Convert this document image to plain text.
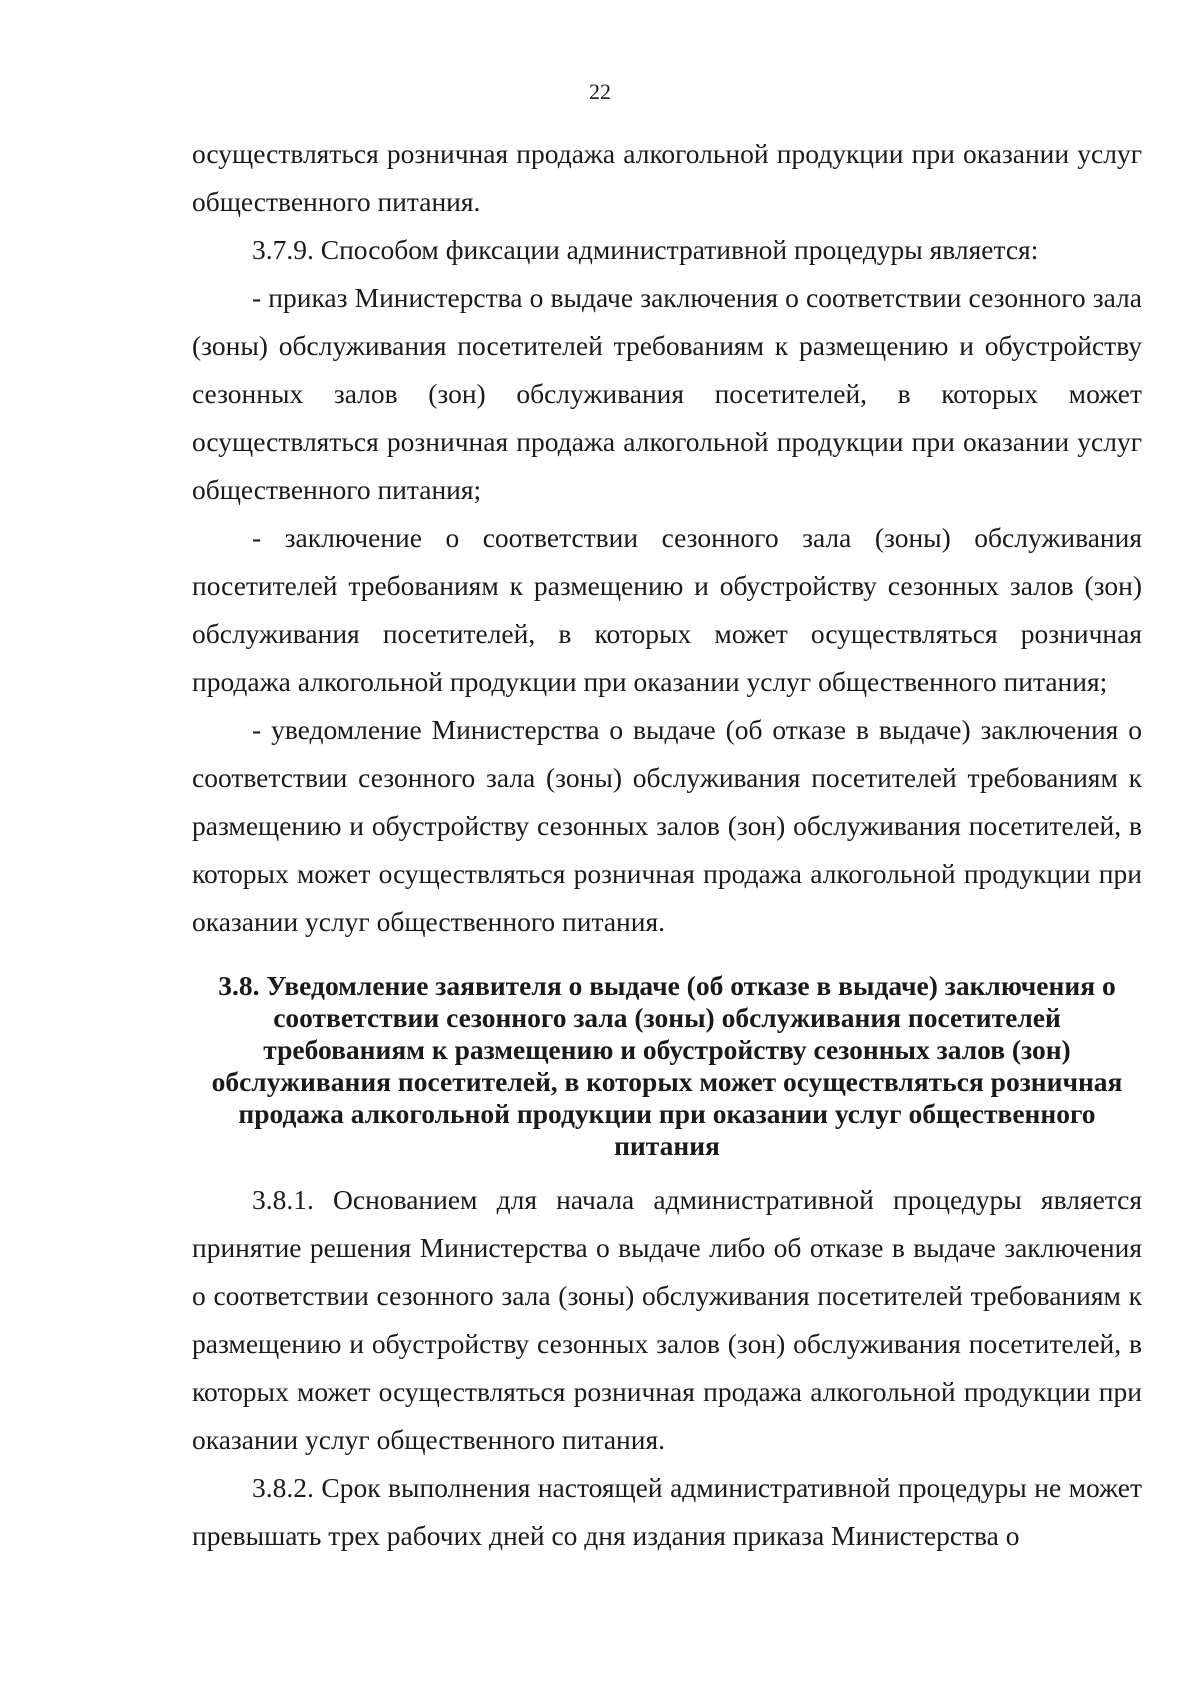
22

осуществляться розничная продажа алкогольной продукции при оказании услуг общественного питания.

3.7.9. Способом фиксации административной процедуры является:

- приказ Министерства о выдаче заключения о соответствии сезонного зала (зоны) обслуживания посетителей требованиям к размещению и обустройству сезонных залов (зон) обслуживания посетителей, в которых может осуществляться розничная продажа алкогольной продукции при оказании услуг общественного питания;

- заключение о соответствии сезонного зала (зоны) обслуживания посетителей требованиям к размещению и обустройству сезонных залов (зон) обслуживания посетителей, в которых может осуществляться розничная продажа алкогольной продукции при оказании услуг общественного питания;

- уведомление Министерства о выдаче (об отказе в выдаче) заключения о соответствии сезонного зала (зоны) обслуживания посетителей требованиям к размещению и обустройству сезонных залов (зон) обслуживания посетителей, в которых может осуществляться розничная продажа алкогольной продукции при оказании услуг общественного питания.

3.8. Уведомление заявителя о выдаче (об отказе в выдаче) заключения о соответствии сезонного зала (зоны) обслуживания посетителей требованиям к размещению и обустройству сезонных залов (зон) обслуживания посетителей, в которых может осуществляться розничная продажа алкогольной продукции при оказании услуг общественного питания

3.8.1. Основанием для начала административной процедуры является принятие решения Министерства о выдаче либо об отказе в выдаче заключения о соответствии сезонного зала (зоны) обслуживания посетителей требованиям к размещению и обустройству сезонных залов (зон) обслуживания посетителей, в которых может осуществляться розничная продажа алкогольной продукции при оказании услуг общественного питания.

3.8.2. Срок выполнения настоящей административной процедуры не может превышать трех рабочих дней со дня издания приказа Министерства о
